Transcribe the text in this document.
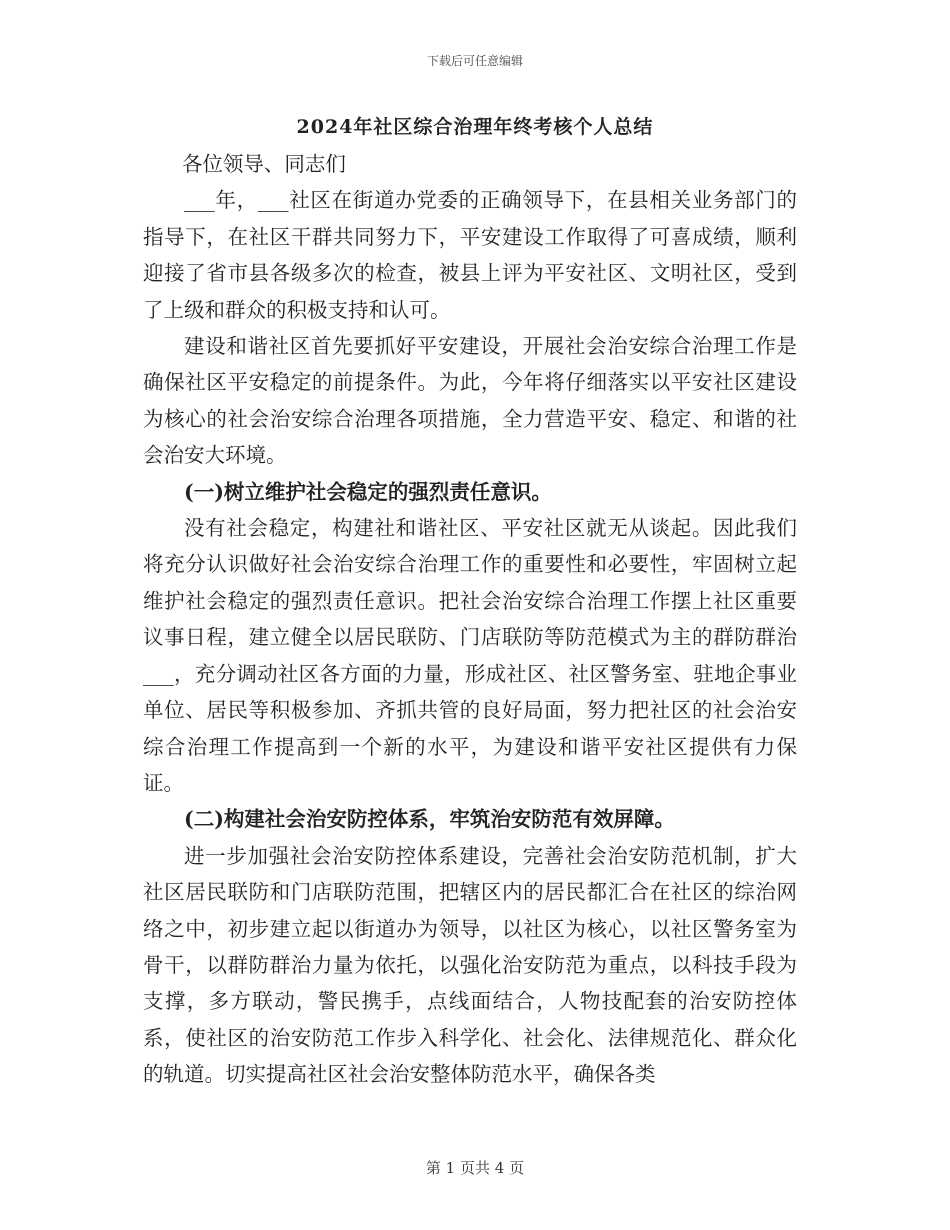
下载后可任意编辑
2024年社区综合治理年终考核个人总结

各位领导、同志们

___年，___社区在街道办党委的正确领导下，在县相关业务部门的指导下，在社区干群共同努力下，平安建设工作取得了可喜成绩，顺利迎接了省市县各级多次的检查，被县上评为平安社区、文明社区，受到了上级和群众的积极支持和认可。

建设和谐社区首先要抓好平安建设，开展社会治安综合治理工作是确保社区平安稳定的前提条件。为此，今年将仔细落实以平安社区建设为核心的社会治安综合治理各项措施，全力营造平安、稳定、和谐的社会治安大环境。

(一)树立维护社会稳定的强烈责任意识。

没有社会稳定，构建社和谐社区、平安社区就无从谈起。因此我们将充分认识做好社会治安综合治理工作的重要性和必要性，牢固树立起维护社会稳定的强烈责任意识。把社会治安综合治理工作摆上社区重要议事日程，建立健全以居民联防、门店联防等防范模式为主的群防群治___，充分调动社区各方面的力量，形成社区、社区警务室、驻地企事业单位、居民等积极参加、齐抓共管的良好局面，努力把社区的社会治安综合治理工作提高到一个新的水平，为建设和谐平安社区提供有力保证。

(二)构建社会治安防控体系，牢筑治安防范有效屏障。

进一步加强社会治安防控体系建设，完善社会治安防范机制，扩大社区居民联防和门店联防范围，把辖区内的居民都汇合在社区的综治网络之中，初步建立起以街道办为领导，以社区为核心，以社区警务室为骨干，以群防群治力量为依托，以强化治安防范为重点，以科技手段为支撑，多方联动，警民携手，点线面结合，人物技配套的治安防控体系，使社区的治安防范工作步入科学化、社会化、法律规范化、群众化的轨道。切实提高社区社会治安整体防范水平，确保各类

第 1 页共 4 页
